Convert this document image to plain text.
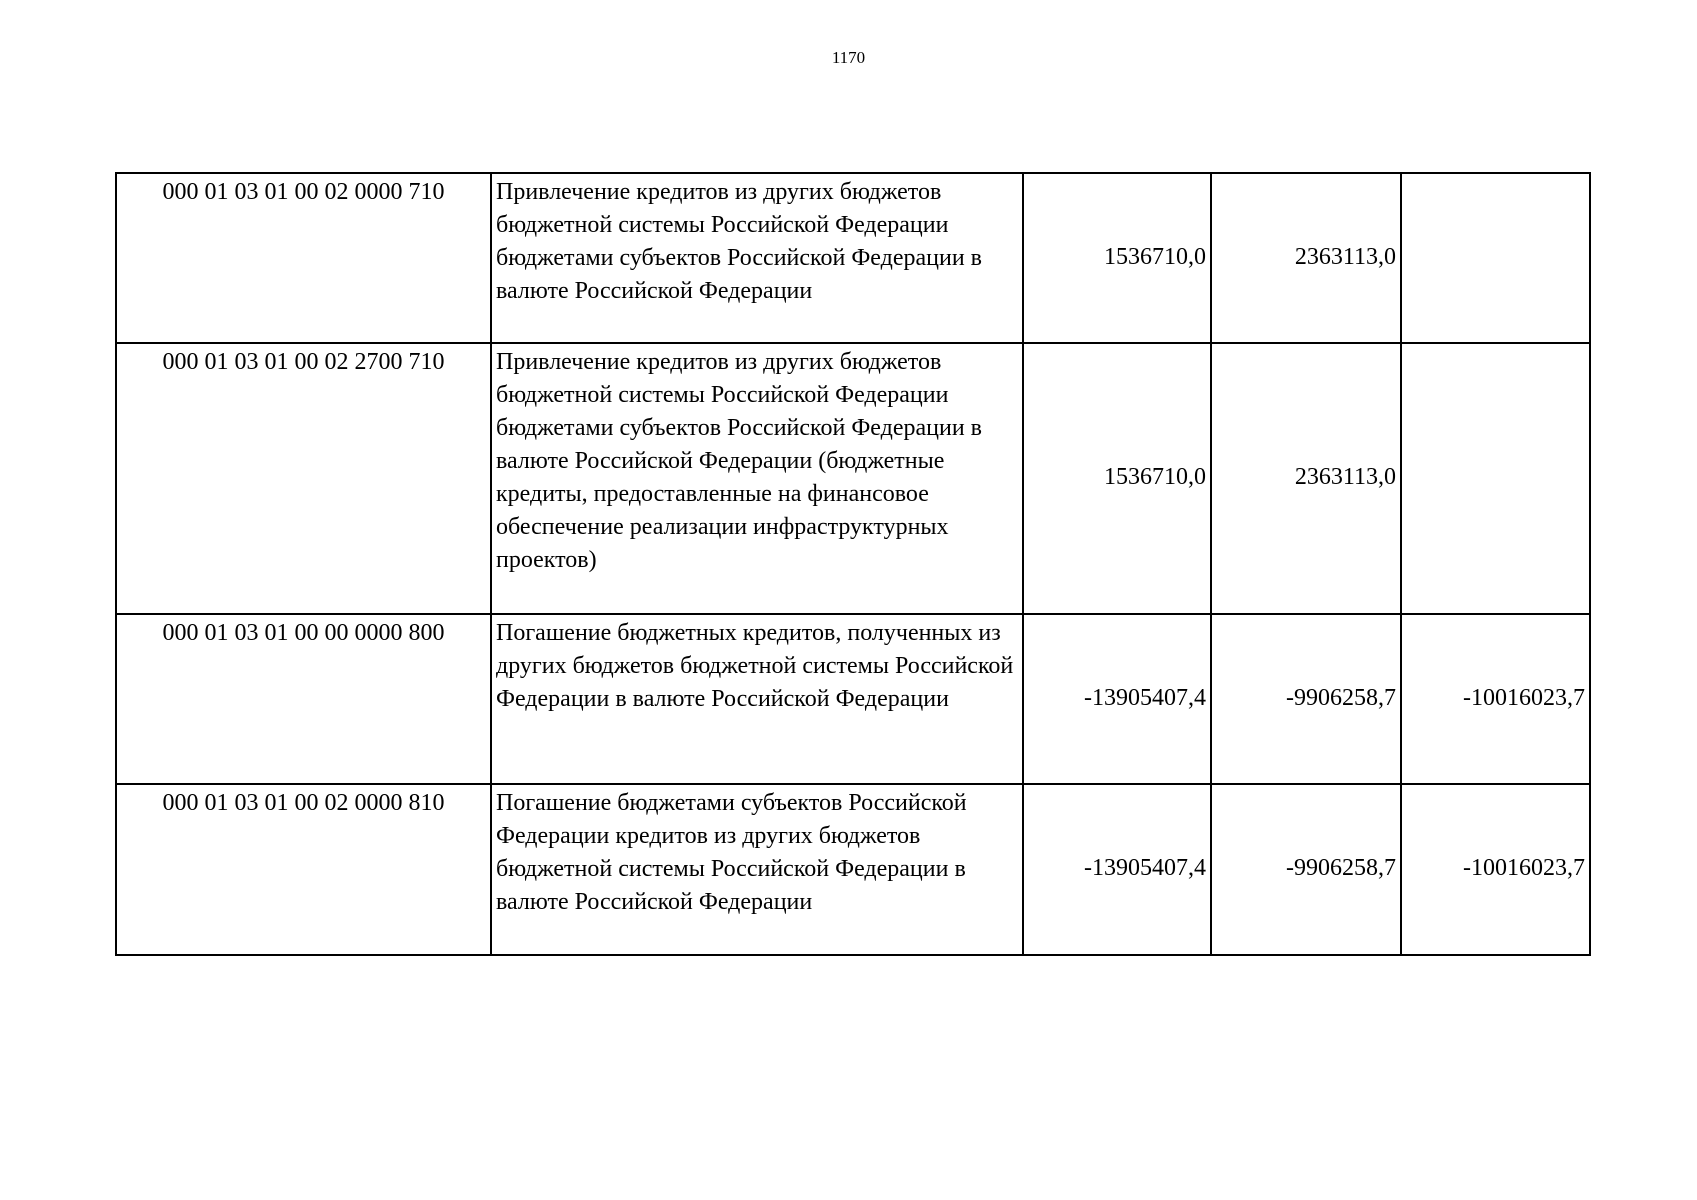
1170
000 01 03 01 00 02 0000 710	Привлечение кредитов из других бюджетов бюджетной системы Российской Федерации бюджетами субъектов Российской Федерации в валюте Российской Федерации	1536710,0	2363113,0	
000 01 03 01 00 02 2700 710	Привлечение кредитов из других бюджетов бюджетной системы Российской Федерации бюджетами субъектов Российской Федерации в валюте Российской Федерации (бюджетные кредиты, предоставленные на финансовое обеспечение реализации инфраструктурных проектов)	1536710,0	2363113,0	
000 01 03 01 00 00 0000 800	Погашение бюджетных кредитов, полученных из других бюджетов бюджетной системы Российской Федерации в валюте Российской Федерации	-13905407,4	-9906258,7	-10016023,7
000 01 03 01 00 02 0000 810	Погашение бюджетами субъектов Российской Федерации кредитов из других бюджетов бюджетной системы Российской Федерации в валюте Российской Федерации	-13905407,4	-9906258,7	-10016023,7
